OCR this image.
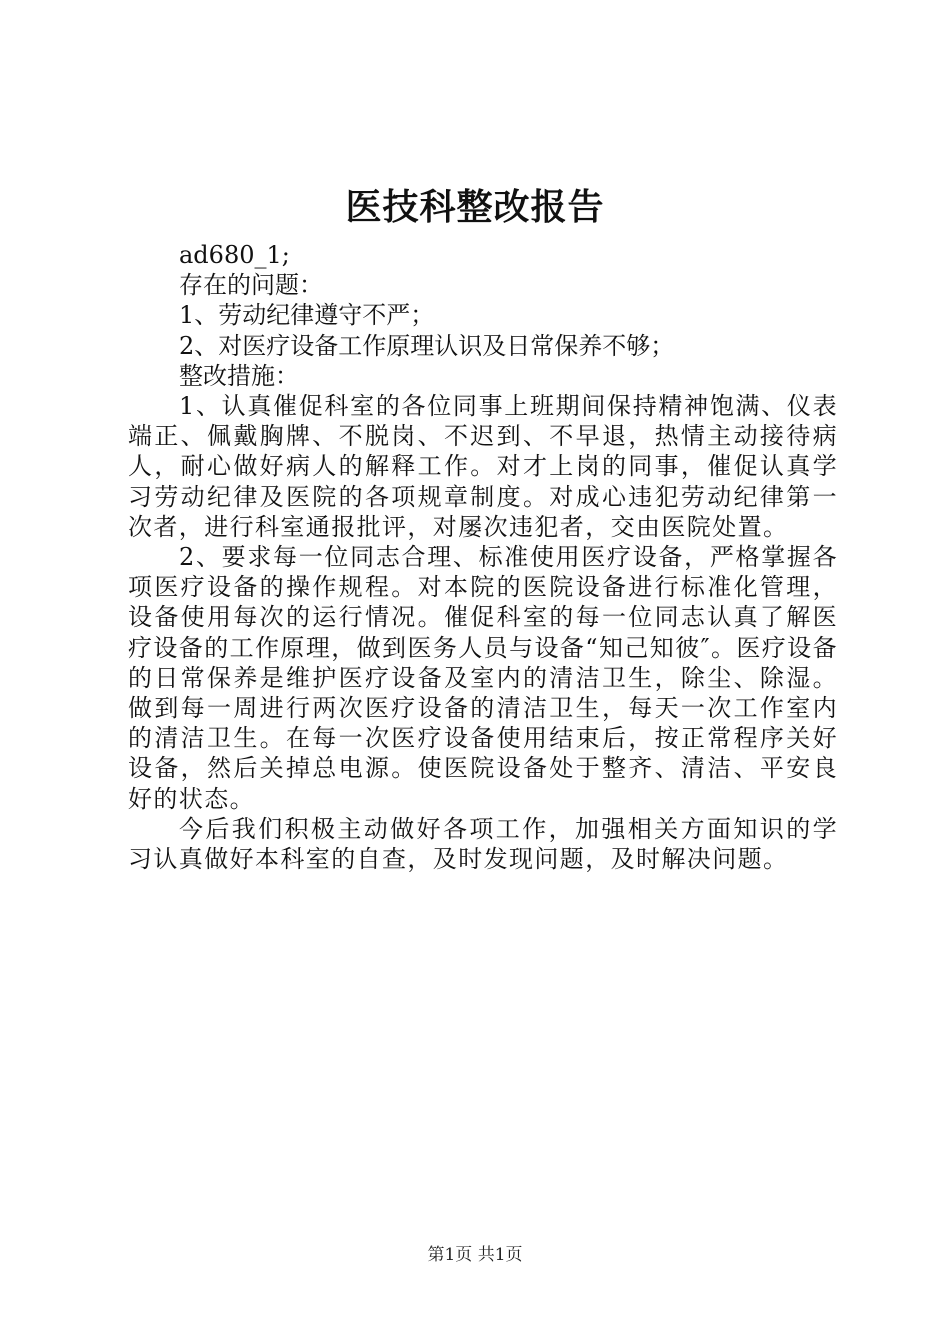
医技科整改报告

ad680_1;

存在的问题：

1、劳动纪律遵守不严；

2、对医疗设备工作原理认识及日常保养不够；

整改措施：

1、认真催促科室的各位同事上班期间保持精神饱满、仪表端正、佩戴胸牌、不脱岗、不迟到、不早退，热情主动接待病人，耐心做好病人的解释工作。对才上岗的同事，催促认真学习劳动纪律及医院的各项规章制度。对成心违犯劳动纪律第一次者，进行科室通报批评，对屡次违犯者，交由医院处置。

2、要求每一位同志合理、标准使用医疗设备，严格掌握各项医疗设备的操作规程。对本院的医院设备进行标准化管理，设备使用每次的运行情况。催促科室的每一位同志认真了解医疗设备的工作原理，做到医务人员与设备“知己知彼″。医疗设备的日常保养是维护医疗设备及室内的清洁卫生，除尘、除湿。做到每一周进行两次医疗设备的清洁卫生，每天一次工作室内的清洁卫生。在每一次医疗设备使用结束后，按正常程序关好设备，然后关掉总电源。使医院设备处于整齐、清洁、平安良好的状态。

今后我们积极主动做好各项工作，加强相关方面知识的学习认真做好本科室的自查，及时发现问题，及时解决问题。

第1页 共1页
